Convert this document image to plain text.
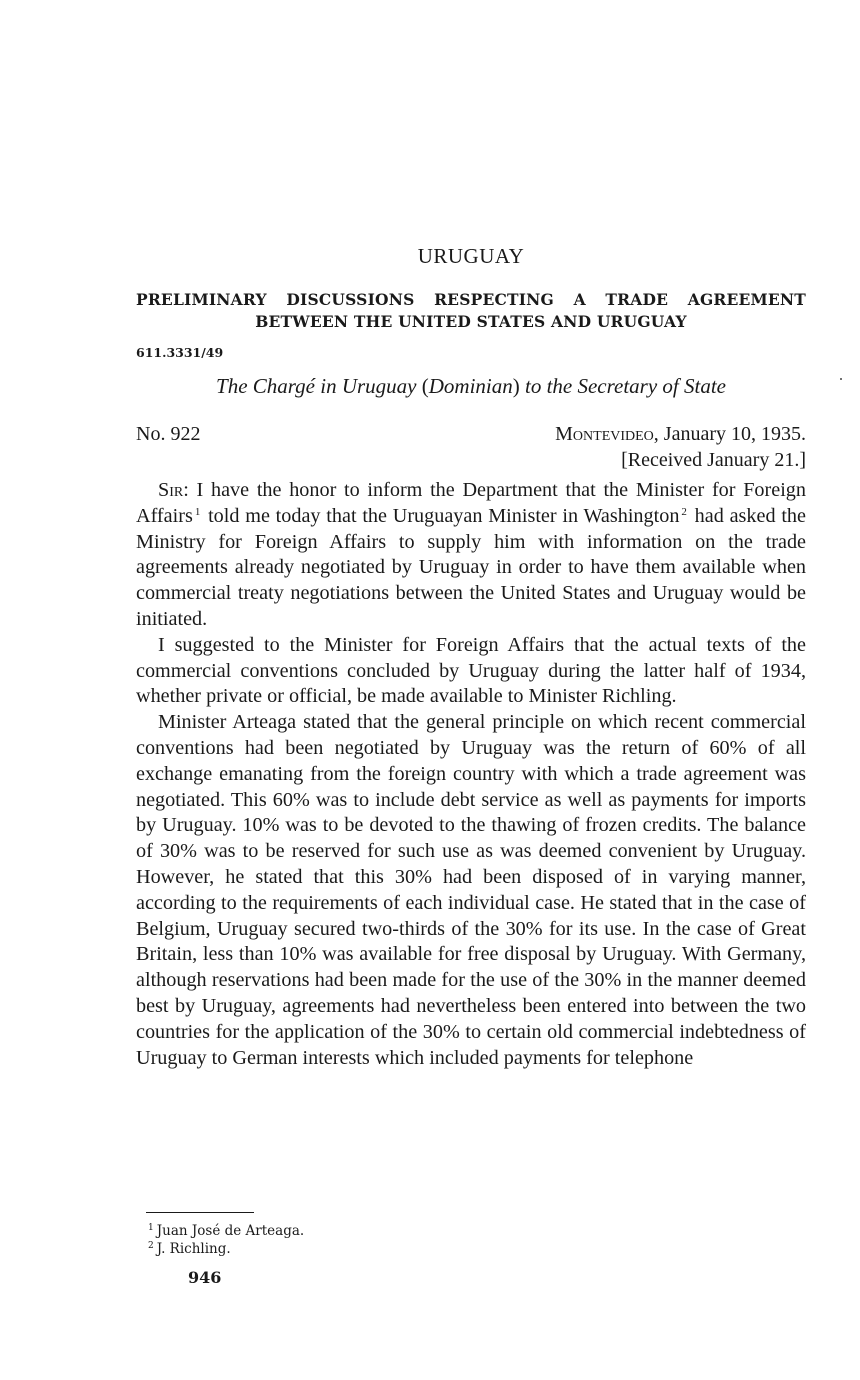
URUGUAY
PRELIMINARY DISCUSSIONS RESPECTING A TRADE AGREEMENT
BETWEEN THE UNITED STATES AND URUGUAY
611.3331/49
The Chargé in Uruguay (Dominian) to the Secretary of State
No. 922	Montevideo, January 10, 1935.
[Received January 21.]

Sir: I have the honor to inform the Department that the Minister for Foreign Affairs $^1$ told me today that the Uruguayan Minister in Washington $^2$ had asked the Ministry for Foreign Affairs to supply him with information on the trade agreements already negotiated by Uruguay in order to have them available when commercial treaty negotiations between the United States and Uruguay would be initiated.

I suggested to the Minister for Foreign Affairs that the actual texts of the commercial conventions concluded by Uruguay during the latter half of 1934, whether private or official, be made available to Minister Richling.

Minister Arteaga stated that the general principle on which recent commercial conventions had been negotiated by Uruguay was the return of 60% of all exchange emanating from the foreign country with which a trade agreement was negotiated. This 60% was to include debt service as well as payments for imports by Uruguay. 10% was to be devoted to the thawing of frozen credits. The balance of 30% was to be reserved for such use as was deemed convenient by Uruguay. However, he stated that this 30% had been disposed of in varying manner, according to the requirements of each individual case. He stated that in the case of Belgium, Uruguay secured two-thirds of the 30% for its use. In the case of Great Britain, less than 10% was available for free disposal by Uruguay. With Germany, although reservations had been made for the use of the 30% in the manner deemed best by Uruguay, agreements had nevertheless been entered into between the two countries for the application of the 30% to certain old commercial indebtedness of Uruguay to German interests which included payments for telephone

$^1$ Juan José de Arteaga.
$^2$ J. Richling.
946
